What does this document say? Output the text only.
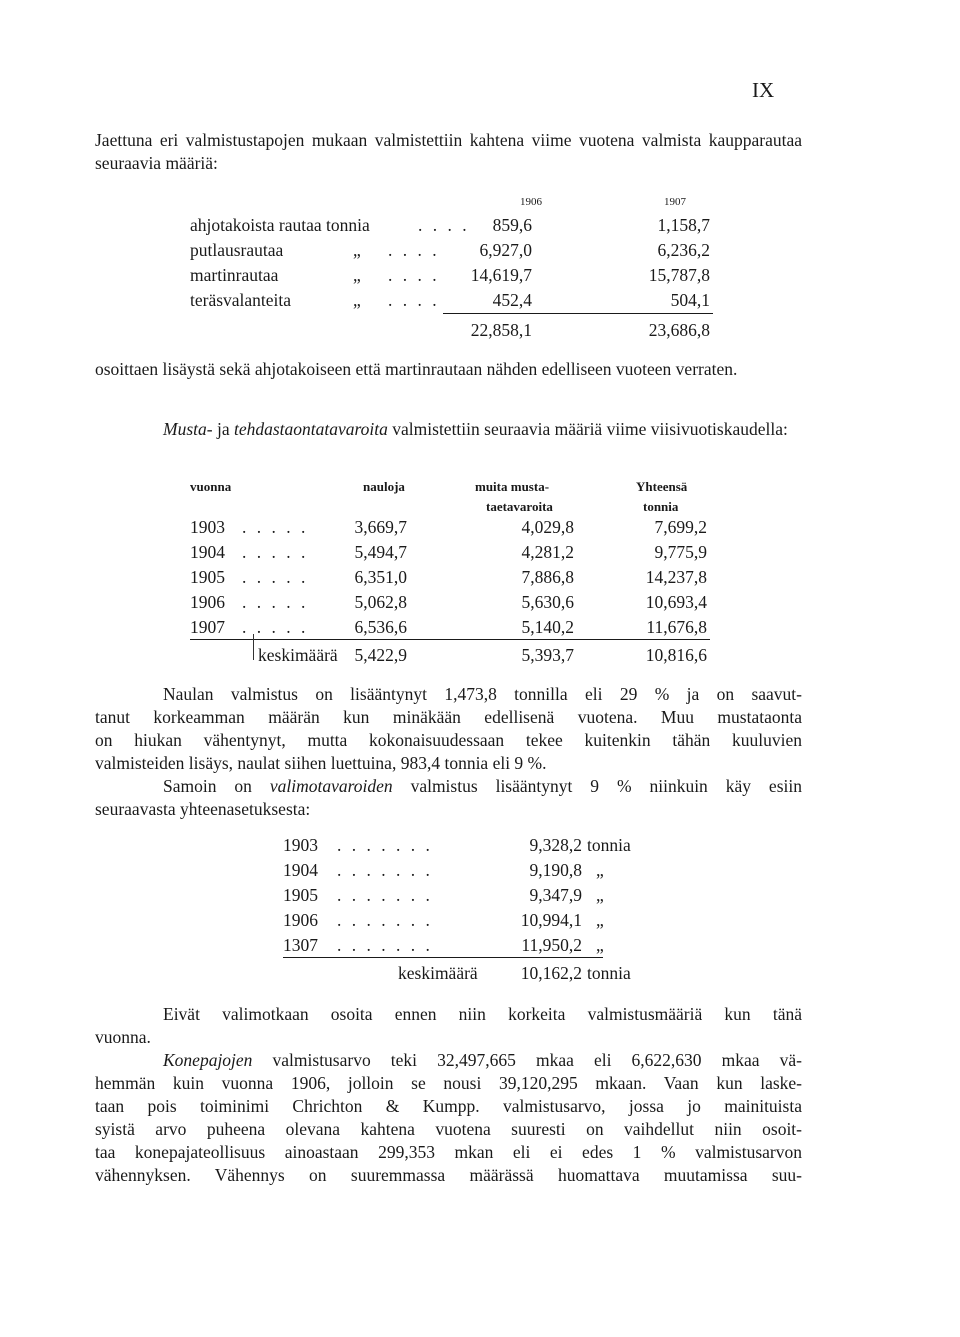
IX
Jaettuna eri valmistustapojen mukaan valmistettiin kahtena viime vuotena valmista kaupparautaa seuraavia määriä:
1906	1907
ahjotakoista rautaa tonnia	. . . . 859,6	1,158,7
putlausrautaa	„ . . . . 6,927,0	6,236,2
martinrautaa	„ . . . . 14,619,7	15,787,8
teräsvalanteita	„ . . . .	452,4	504,1
22,858,1	23,686,8
osoittaen lisäystä sekä ahjotakoiseen että martinrautaan nähden edelliseen vuoteen verraten.
Musta- ja tehdastaontatavaroita valmistettiin seuraavia määriä viime viisivuotiskaudella:
vuonna	nauloja	muita musta-
taetavaroita
Yhteensä
tonnia
1903 . . . . .	3,669,7	4,029,8	7,699,2
1904 . . . . .	5,494,7	4,281,2	9,775,9
1905 . . . . .	6,351,0	7,886,8	14,237,8
1906 . . . . .	5,062,8	5,630,6	10,693,4
1907 . . . . .	6,536,6	5,140,2	11,676,8
keskimäärä 5,422,9	5,393,7	10,816,6
Naulan valmistus on lisääntynyt 1,473,8 tonnilla eli 29 % ja on saavut-
tanut korkeamman määrän kun minäkään edellisenä vuotena. Muu mustataonta
on hiukan vähentynyt, mutta kokonaisuudessaan tekee kuitenkin tähän kuuluvien
valmisteiden lisäys, naulat siihen luettuina, 983,4 tonnia eli 9 %.
Samoin on valimotavaroiden valmistus lisääntynyt 9 % niinkuin käy esiin
seuraavasta yhteenasetuksesta:
1903 . . . . . . .	9,328,2 tonnia
1904 . . . . . . .	9,190,8 „
1905 . . . . . . .	9,347,9 „
1906 . . . . . . .	10,994,1 „
1307 . . . . . . .	11,950,2 „
keskimäärä 10,162,2 tonnia
Eivät valimotkaan osoita ennen niin korkeita valmistusmääriä kun tänä
vuonna.
Konepajojen valmistusarvo teki 32,497,665 mkaa eli 6,622,630 mkaa vä-
hemmän kuin vuonna 1906, jolloin se nousi 39,120,295 mkaan. Vaan kun laske-
taan pois toiminimi Chrichton & Kumpp. valmistusarvo, jossa jo mainituista
syistä arvo puheena olevana kahtena vuotena suuresti on vaihdellut niin osoit-
taa konepajateollisuus ainoastaan 299,353 mkan eli ei edes 1 % valmistusarvon
vähennyksen. Vähennys on suuremmassa määrässä huomattava muutamissa suu-
